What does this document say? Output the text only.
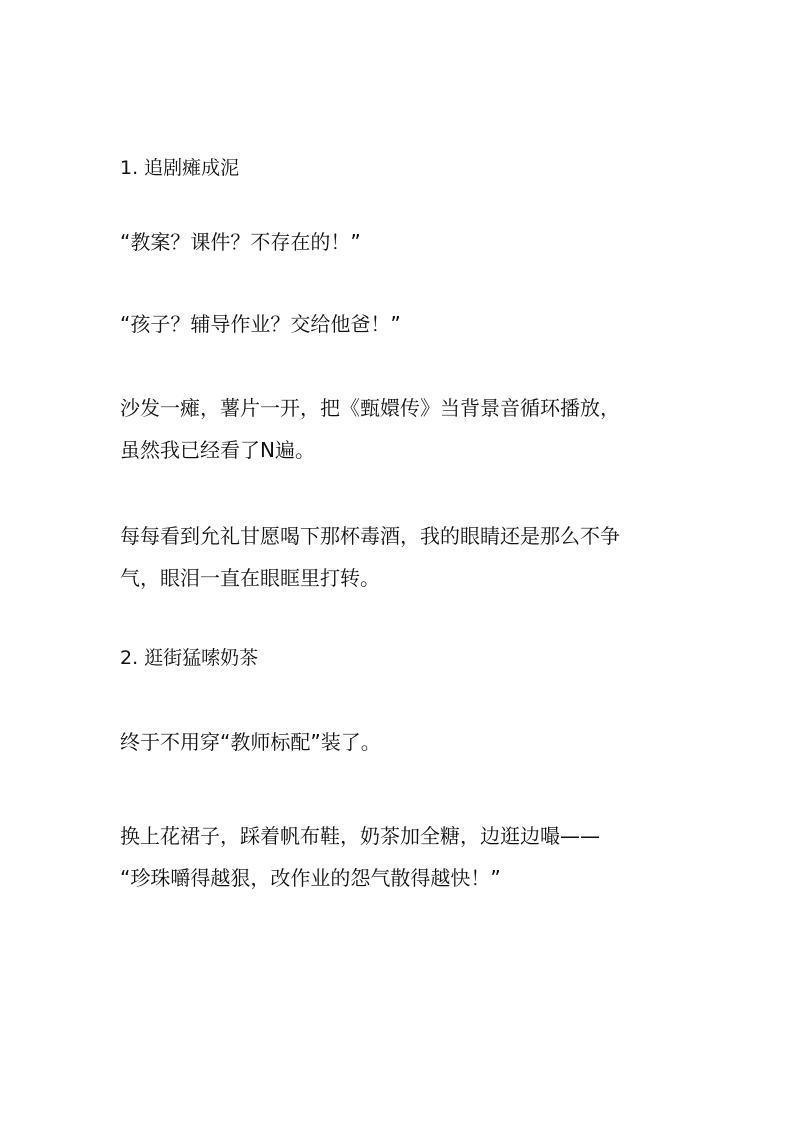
1. 追剧瘫成泥
“教案？课件？不存在的！”
“孩子？辅导作业？交给他爸！”
沙发一瘫，薯片一开，把《甄嬛传》当背景音循环播放，
虽然我已经看了N遍。
每每看到允礼甘愿喝下那杯毒酒，我的眼睛还是那么不争
气，眼泪一直在眼眶里打转。
2. 逛街猛嗦奶茶
终于不用穿“教师标配”装了。
换上花裙子，踩着帆布鞋，奶茶加全糖，边逛边嘬——
“珍珠嚼得越狠，改作业的怨气散得越快！”
